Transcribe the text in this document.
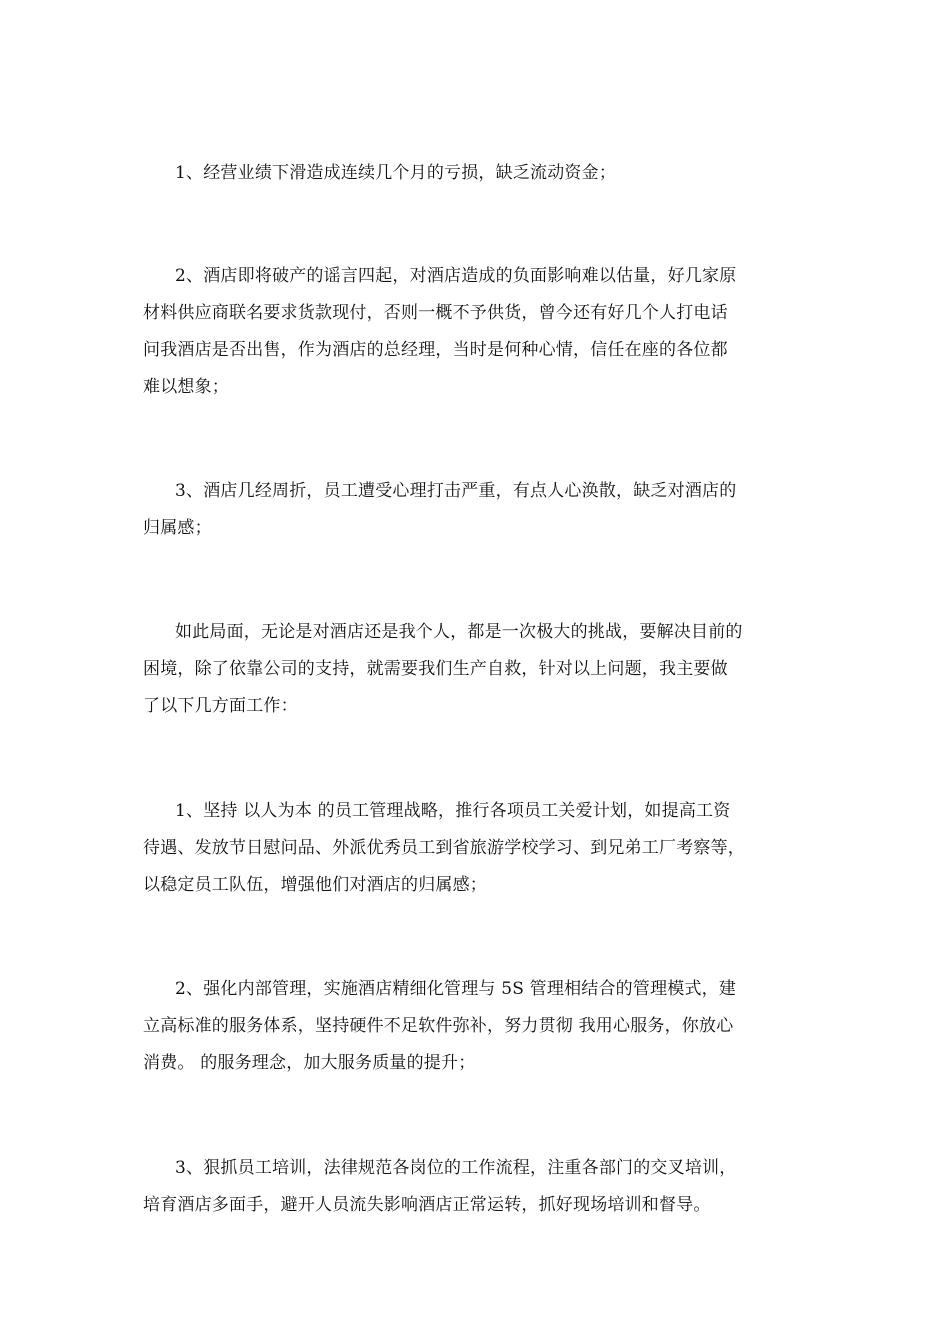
1、经营业绩下滑造成连续几个月的亏损，缺乏流动资金；
2、酒店即将破产的谣言四起，对酒店造成的负面影响难以估量，好几家原
材料供应商联名要求货款现付，否则一概不予供货，曾今还有好几个人打电话
问我酒店是否出售，作为酒店的总经理，当时是何种心情，信任在座的各位都
难以想象；
3、酒店几经周折，员工遭受心理打击严重，有点人心涣散，缺乏对酒店的
归属感；
如此局面，无论是对酒店还是我个人，都是一次极大的挑战，要解决目前的
困境，除了依靠公司的支持，就需要我们生产自救，针对以上问题，我主要做
了以下几方面工作：
1、坚持 以人为本 的员工管理战略，推行各项员工关爱计划，如提高工资
待遇、发放节日慰问品、外派优秀员工到省旅游学校学习、到兄弟工厂考察等，
以稳定员工队伍，增强他们对酒店的归属感；
2、强化内部管理，实施酒店精细化管理与 5S 管理相结合的管理模式，建
立高标准的服务体系，坚持硬件不足软件弥补，努力贯彻 我用心服务，你放心
消费。 的服务理念，加大服务质量的提升；
3、狠抓员工培训，法律规范各岗位的工作流程，注重各部门的交叉培训，
培育酒店多面手，避开人员流失影响酒店正常运转，抓好现场培训和督导。
